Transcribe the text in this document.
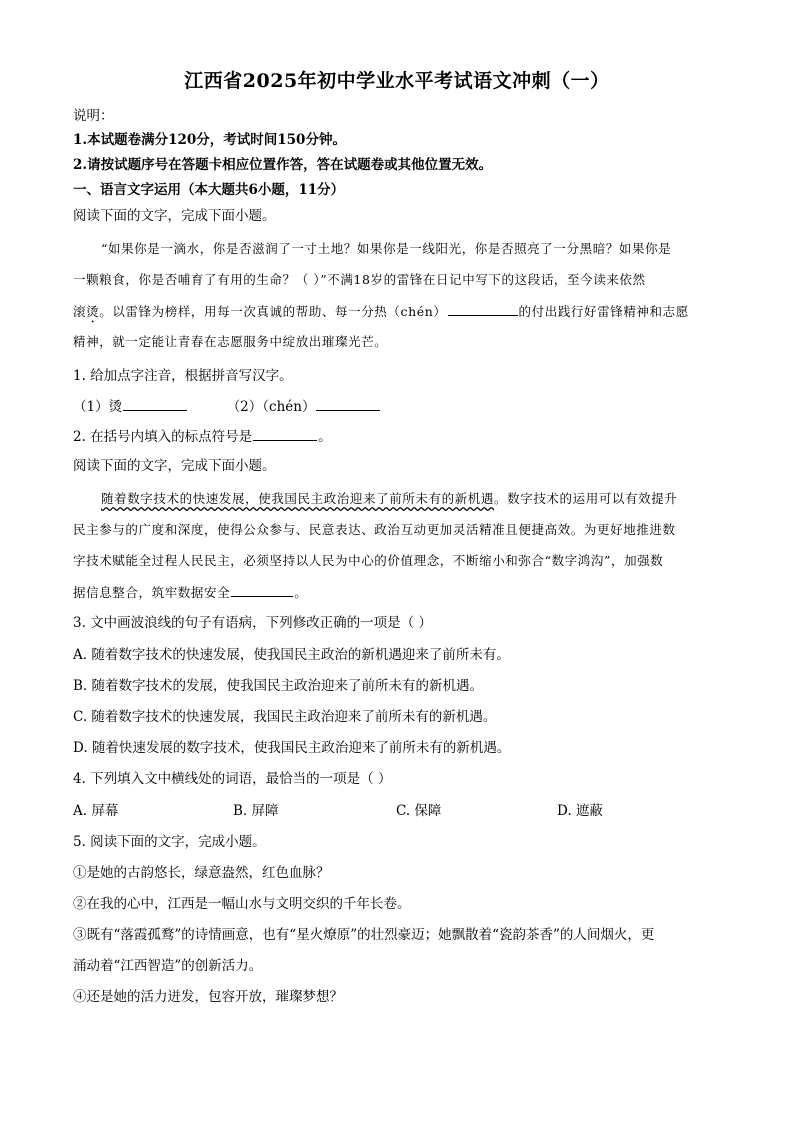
江西省2025年初中学业水平考试语文冲刺（一）
说明：
1.本试题卷满分120分，考试时间150分钟。
2.请按试题序号在答题卡相应位置作答，答在试题卷或其他位置无效。
一、语言文字运用（本大题共6小题，11分）
阅读下面的文字，完成下面小题。
“如果你是一滴水，你是否滋润了一寸土地？如果你是一线阳光，你是否照亮了一分黑暗？如果你是
一颗粮食，你是否哺育了有用的生命？（ ）”不满18岁的雷锋在日记中写下的这段话，至今读来依然
滚烫。以雷锋为榜样，用每一次真诚的帮助、每一分热（chén）	的付出践行好雷锋精神和志愿
精神，就一定能让青春在志愿服务中绽放出璀璨光芒。
1. 给加点字注音，根据拼音写汉字。
（1）烫	（2）（chén）
2. 在括号内填入的标点符号是	。
阅读下面的文字，完成下面小题。
随着数字技术的快速发展，使我国民主政治迎来了前所未有的新机遇。数字技术的运用可以有效提升
民主参与的广度和深度，使得公众参与、民意表达、政治互动更加灵活精准且便捷高效。为更好地推进数
字技术赋能全过程人民民主，必须坚持以人民为中心的价值理念，不断缩小和弥合“数字鸿沟”，加强数
据信息整合，筑牢数据安全	。
3. 文中画波浪线的句子有语病，下列修改正确的一项是（ ）
A. 随着数字技术的快速发展，使我国民主政治的新机遇迎来了前所未有。
B. 随着数字技术的发展，使我国民主政治迎来了前所未有的新机遇。
C. 随着数字技术的快速发展，我国民主政治迎来了前所未有的新机遇。
D. 随着快速发展的数字技术，使我国民主政治迎来了前所未有的新机遇。
4. 下列填入文中横线处的词语，最恰当的一项是（ ）
A. 屏幕	B. 屏障	C. 保障	D. 遮蔽
5. 阅读下面的文字，完成小题。
①是她的古韵悠长，绿意盎然，红色血脉？
②在我的心中，江西是一幅山水与文明交织的千年长卷。
③既有“落霞孤鹜”的诗情画意，也有“星火燎原”的壮烈豪迈；她飘散着“瓷韵茶香”的人间烟火，更
涌动着“江西智造”的创新活力。
④还是她的活力迸发，包容开放，璀璨梦想？
